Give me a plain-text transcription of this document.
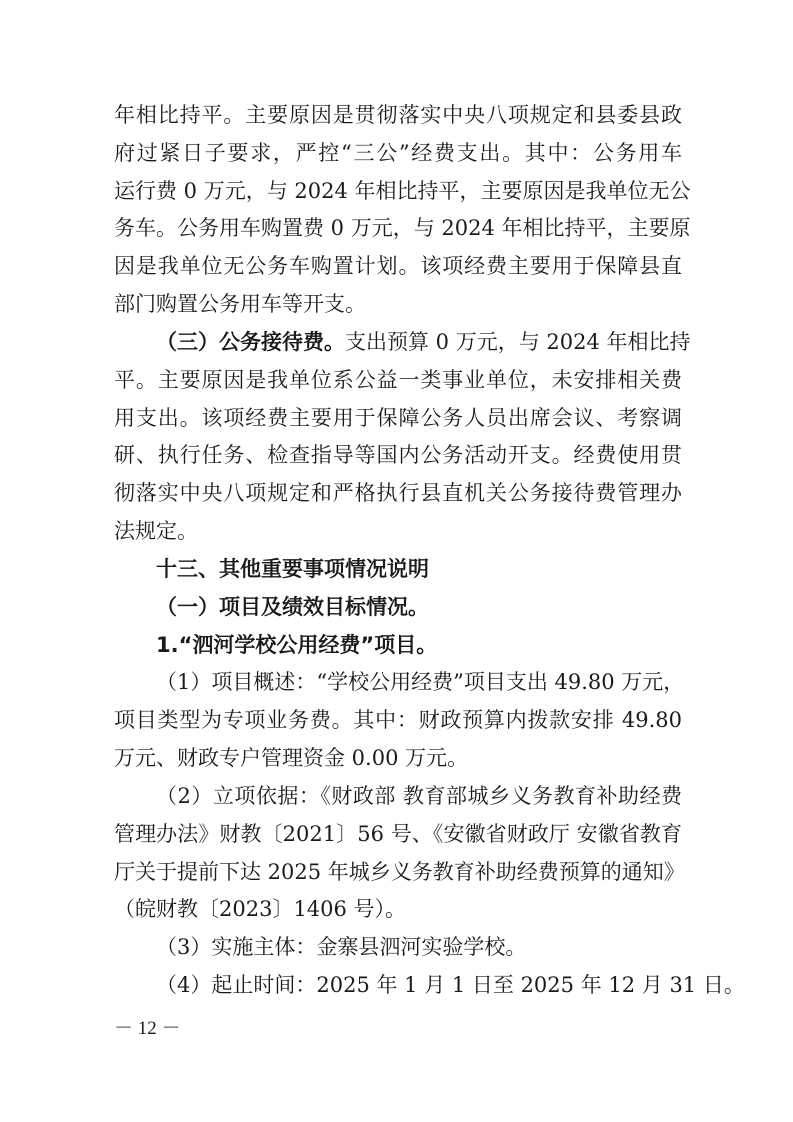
年相比持平。主要原因是贯彻落实中央八项规定和县委县政
府过紧日子要求，严控“三公”经费支出。其中：公务用车
运行费 0 万元，与 2024 年相比持平，主要原因是我单位无公
务车。公务用车购置费 0 万元，与 2024 年相比持平，主要原
因是我单位无公务车购置计划。该项经费主要用于保障县直
部门购置公务用车等开支。
（三）公务接待费。支出预算 0 万元，与 2024 年相比持
平。主要原因是我单位系公益一类事业单位，未安排相关费
用支出。该项经费主要用于保障公务人员出席会议、考察调
研、执行任务、检查指导等国内公务活动开支。经费使用贯
彻落实中央八项规定和严格执行县直机关公务接待费管理办
法规定。
十三、其他重要事项情况说明
（一）项目及绩效目标情况。
1.“泗河学校公用经费”项目。
（1）项目概述：“学校公用经费”项目支出 49.80 万元，
项目类型为专项业务费。其中：财政预算内拨款安排 49.80
万元、财政专户管理资金 0.00 万元。
（2）立项依据：《财政部 教育部城乡义务教育补助经费
管理办法》财教〔2021〕56 号、《安徽省财政厅 安徽省教育
厅关于提前下达 2025 年城乡义务教育补助经费预算的通知》
（皖财教〔2023〕1406 号）。
（3）实施主体：金寨县泗河实验学校。
（4）起止时间：2025 年 1 月 1 日至 2025 年 12 月 31 日。
－ 12 －
